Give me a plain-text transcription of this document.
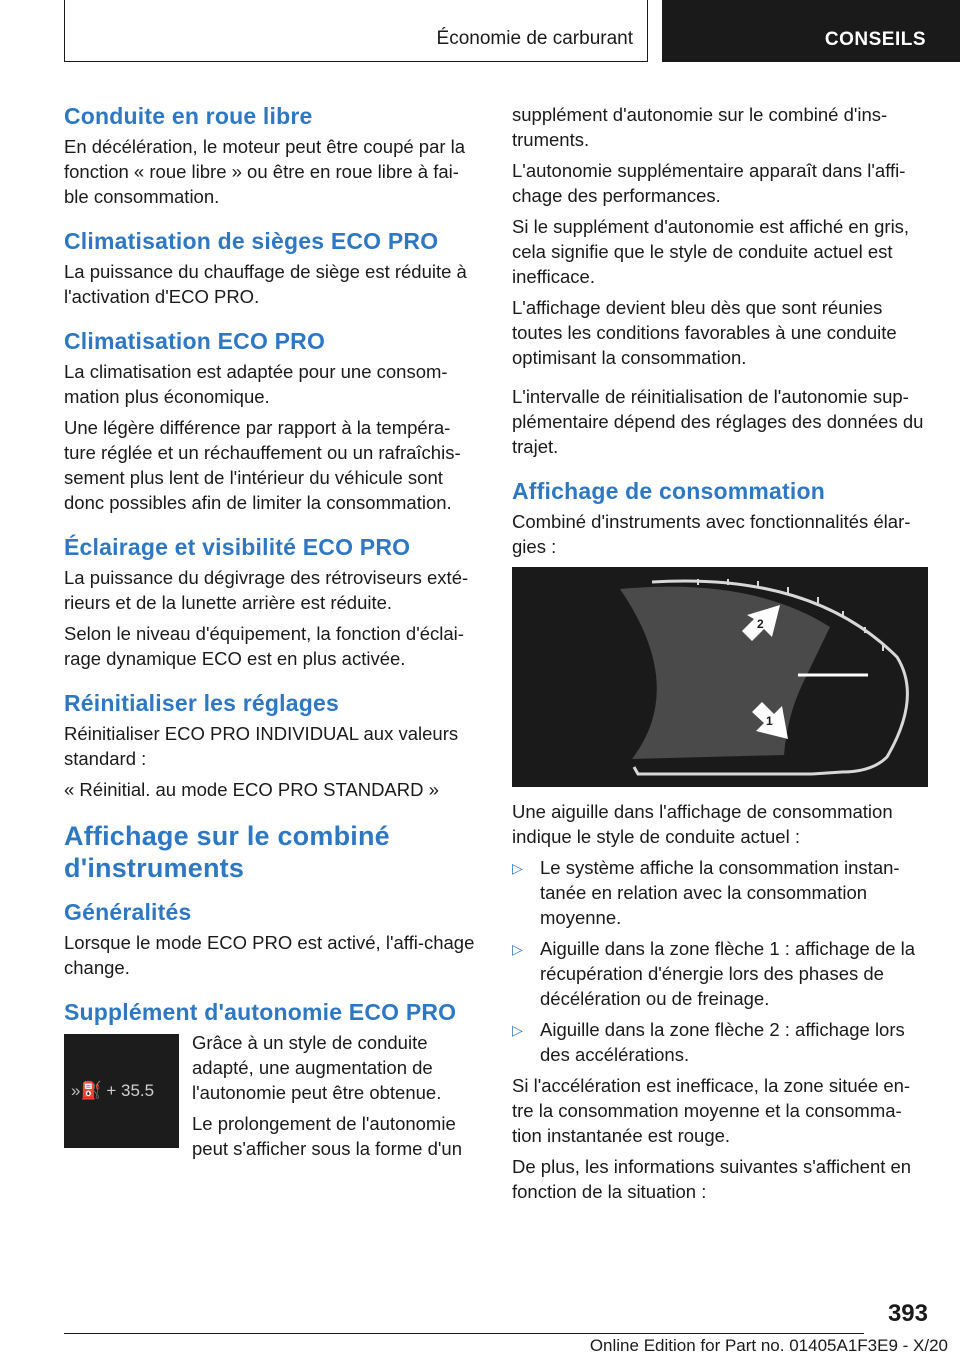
Économie de carburant	CONSEILS
Conduite en roue libre

En décélération, le moteur peut être coupé par la fonction « roue libre » ou être en roue libre à fai-ble consommation.

Climatisation de sièges ECO PRO

La puissance du chauffage de siège est réduite à l'activation d'ECO PRO.

Climatisation ECO PRO

La climatisation est adaptée pour une consom-mation plus économique.

Une légère différence par rapport à la tempéra-ture réglée et un réchauffement ou un rafraîchis-sement plus lent de l'intérieur du véhicule sont donc possibles afin de limiter la consommation.

Éclairage et visibilité ECO PRO

La puissance du dégivrage des rétroviseurs exté-rieurs et de la lunette arrière est réduite.

Selon le niveau d'équipement, la fonction d'éclai-rage dynamique ECO est en plus activée.

Réinitialiser les réglages

Réinitialiser ECO PRO INDIVIDUAL aux valeurs standard :

« Réinitial. au mode ECO PRO STANDARD »

Affichage sur le combiné d'instruments
Généralités

Lorsque le mode ECO PRO est activé, l'affi-chage change.

Supplément d'autonomie ECO PRO
»⛽ + 35.5

Grâce à un style de conduite adapté, une augmentation de l'autonomie peut être obtenue.

Le prolongement de l'autonomie peut s'afficher sous la forme d'un

supplément d'autonomie sur le combiné d'ins-truments.

L'autonomie supplémentaire apparaît dans l'affi-chage des performances.

Si le supplément d'autonomie est affiché en gris, cela signifie que le style de conduite actuel est inefficace.

L'affichage devient bleu dès que sont réunies toutes les conditions favorables à une conduite optimisant la consommation.

L'intervalle de réinitialisation de l'autonomie sup-plémentaire dépend des réglages des données du trajet.

Affichage de consommation

Combiné d'instruments avec fonctionnalités élar-gies :

2
1

Une aiguille dans l'affichage de consommation indique le style de conduite actuel :

▷ Le système affiche la consommation instan-tanée en relation avec la consommation moyenne.
▷ Aiguille dans la zone flèche 1 : affichage de la récupération d'énergie lors des phases de décélération ou de freinage.
▷ Aiguille dans la zone flèche 2 : affichage lors des accélérations.

Si l'accélération est inefficace, la zone située en-tre la consommation moyenne et la consomma-tion instantanée est rouge.

De plus, les informations suivantes s'affichent en fonction de la situation :

393
Online Edition for Part no. 01405A1F3E9 - X/20
